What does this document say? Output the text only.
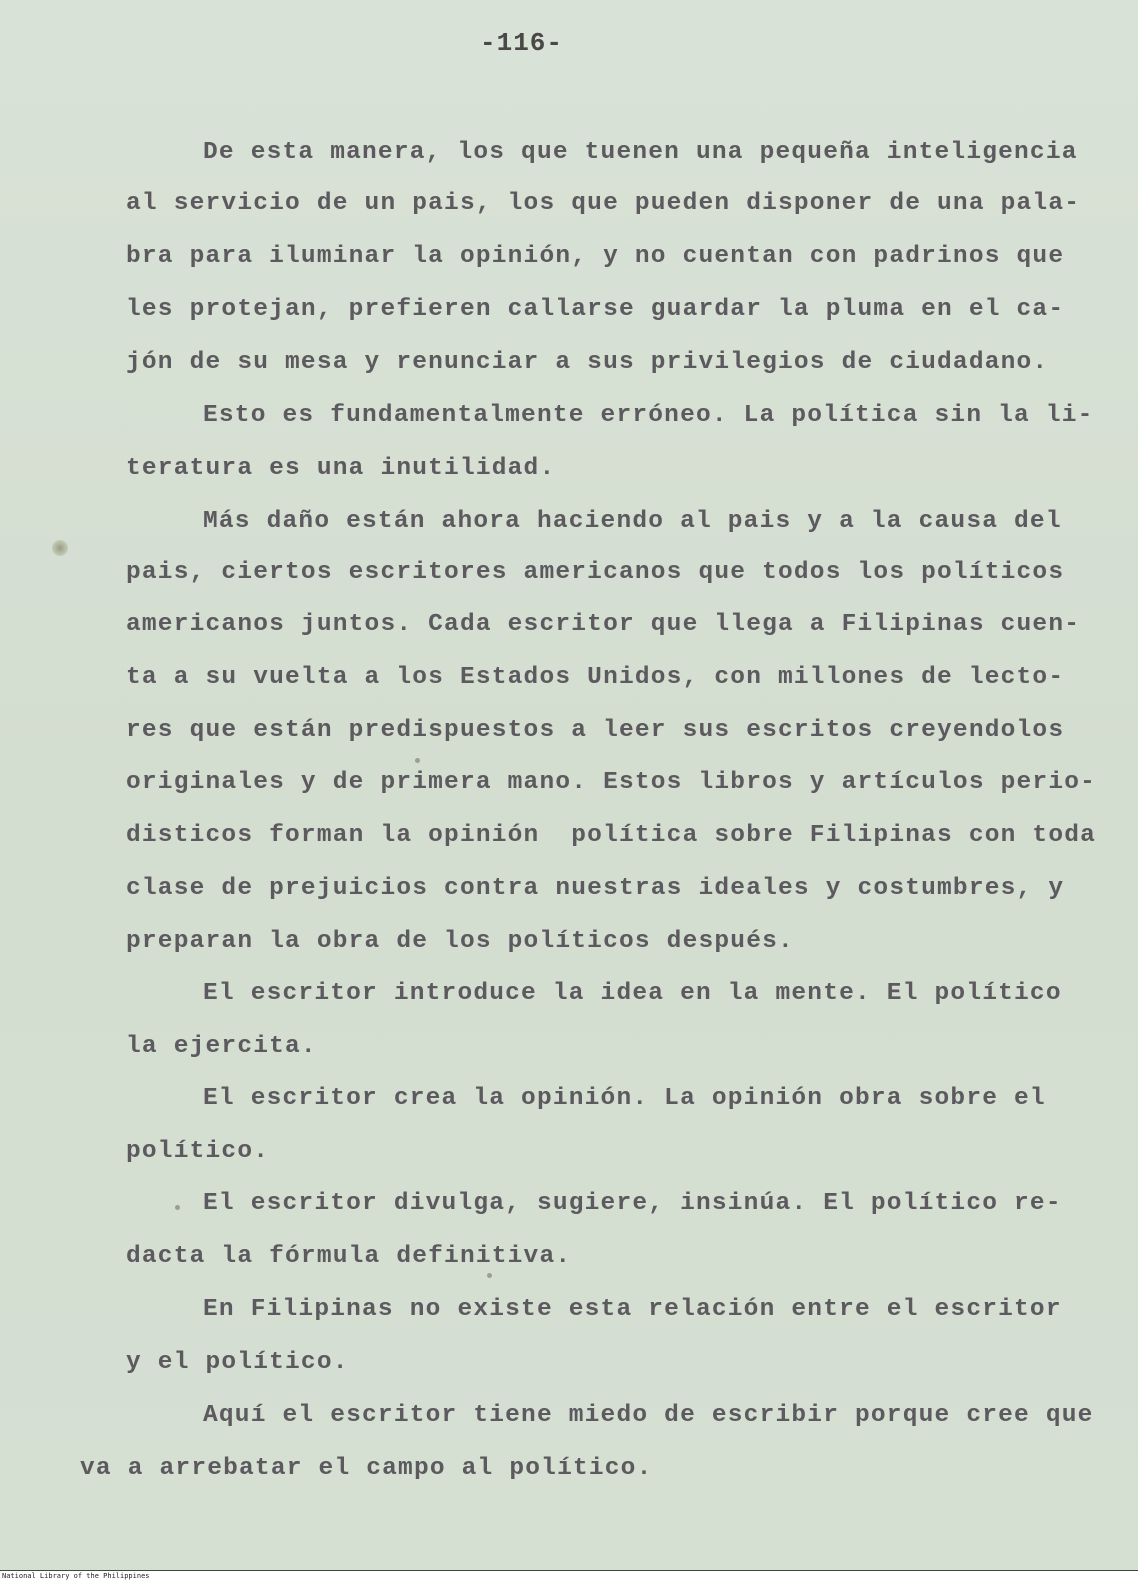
-116-
De esta manera, los que tuenen una pequeña inteligencia
al servicio de un pais, los que pueden disponer de una pala-
bra para iluminar la opinión, y no cuentan con padrinos que
les protejan, prefieren callarse guardar la pluma en el ca-
jón de su mesa y renunciar a sus privilegios de ciudadano.
Esto es fundamentalmente erróneo. La política sin la li-
teratura es una inutilidad.
Más daño están ahora haciendo al pais y a la causa del
pais, ciertos escritores americanos que todos los políticos
americanos juntos. Cada escritor que llega a Filipinas cuen-
ta a su vuelta a los Estados Unidos, con millones de lecto-
res que están predispuestos a leer sus escritos creyendolos
originales y de primera mano. Estos libros y artículos perio-
disticos forman la opinión  política sobre Filipinas con toda
clase de prejuicios contra nuestras ideales y costumbres, y
preparan la obra de los políticos después.
El escritor introduce la idea en la mente. El político
la ejercita.
El escritor crea la opinión. La opinión obra sobre el
político.
El escritor divulga, sugiere, insinúa. El político re-
dacta la fórmula definitiva.
En Filipinas no existe esta relación entre el escritor
y el político.
Aquí el escritor tiene miedo de escribir porque cree que
va a arrebatar el campo al político.
National Library of the Philippines
